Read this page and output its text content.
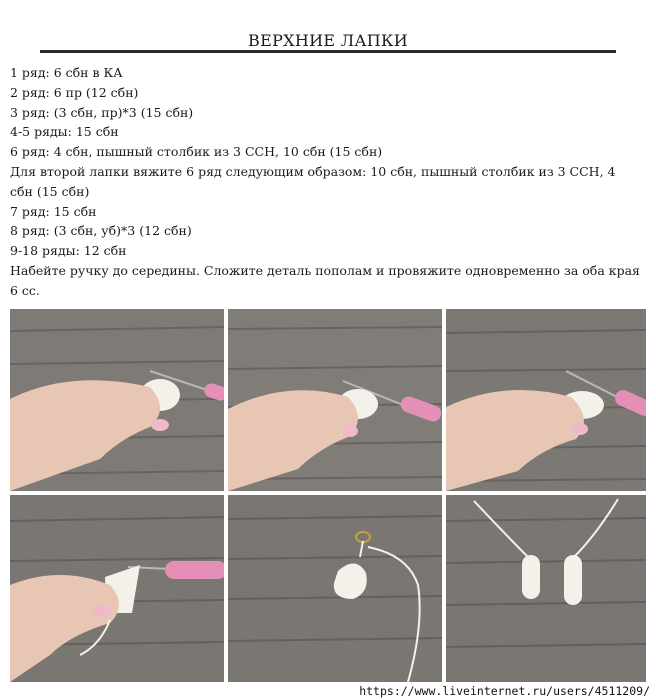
ВЕРХНИЕ ЛАПКИ

1 ряд: 6 сбн в КА

2 ряд: 6 пр (12 сбн)

3 ряд: (3 сбн, пр)*3 (15 сбн)

4-5 ряды: 15 сбн

6 ряд: 4 сбн, пышный столбик из 3 ССН, 10 сбн (15 сбн)

Для второй лапки вяжите 6 ряд следующим образом: 10 сбн, пышный столбик из 3 ССН, 4 сбн (15 сбн)

7 ряд: 15 сбн

8 ряд: (3 сбн, уб)*3 (12 сбн)

9-18 ряды: 12 сбн

Набейте ручку до середины. Сложите деталь пополам и провяжите одновременно за оба края 6 сс.

https://www.liveinternet.ru/users/4511209/
